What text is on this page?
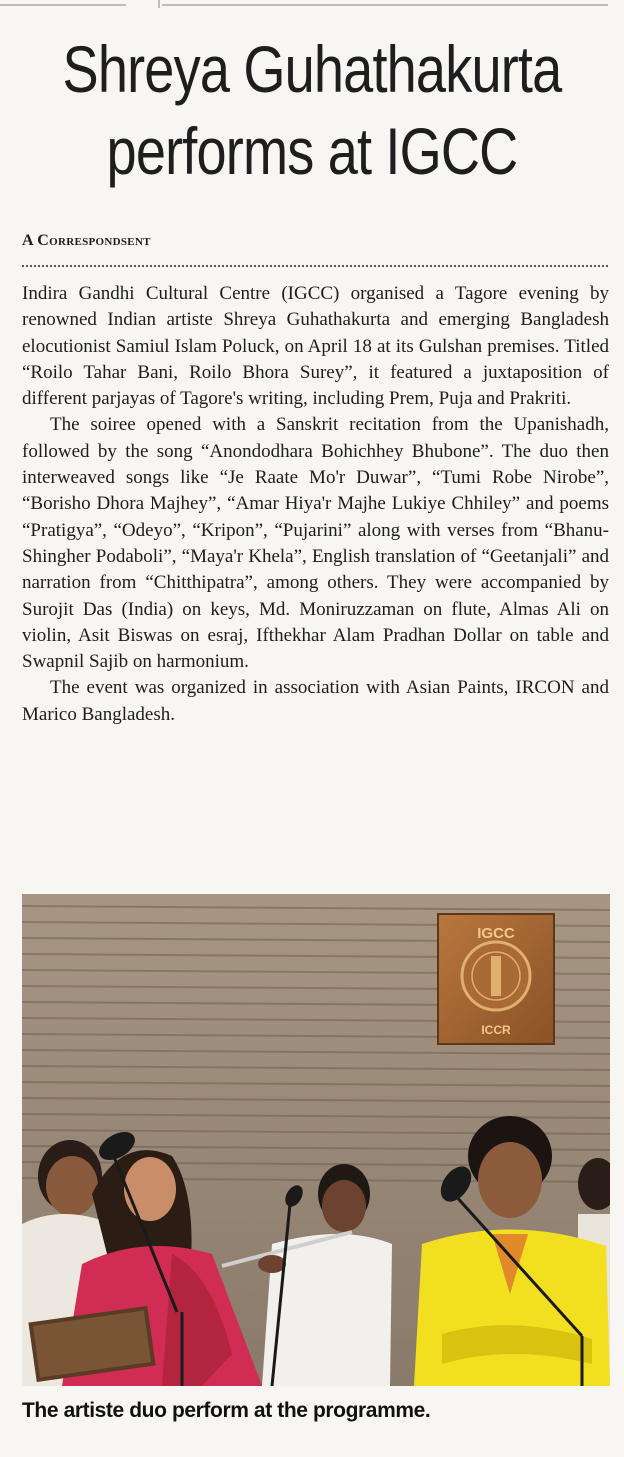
Shreya Guhathakurta
performs at IGCC
A Correspondsent

Indira Gandhi Cultural Centre (IGCC) organised a Tagore evening by renowned Indian artiste Shreya Guhathakurta and emerging Bangladesh elocutionist Samiul Islam Poluck, on April 18 at its Gulshan premises. Titled “Roilo Tahar Bani, Roilo Bhora Surey”, it featured a juxtaposition of different parjayas of Tagore's writing, including Prem, Puja and Prakriti.

The soiree opened with a Sanskrit recitation from the Upanishadh, followed by the song “Anondodhara Bohichhey Bhubone”. The duo then interweaved songs like “Je Raate Mo'r Duwar”, “Tumi Robe Nirobe”, “Borisho Dhora Majhey”, “Amar Hiya'r Majhe Lukiye Chhiley” and poems “Pratigya”, “Odeyo”, “Kripon”, “Pujarini” along with verses from “Bhanu-Shingher Podaboli”, “Maya'r Khela”, English translation of “Geetanjali” and narration from “Chitthipatra”, among others. They were accompanied by Surojit Das (India) on keys, Md. Moniruzzaman on flute, Almas Ali on violin, Asit Biswas on esraj, Ifthekhar Alam Pradhan Dollar on table and Swapnil Sajib on harmonium.

The event was organized in association with Asian Paints, IRCON and Marico Bangladesh.

IGCC
ICCR
The artiste duo perform at the programme.
